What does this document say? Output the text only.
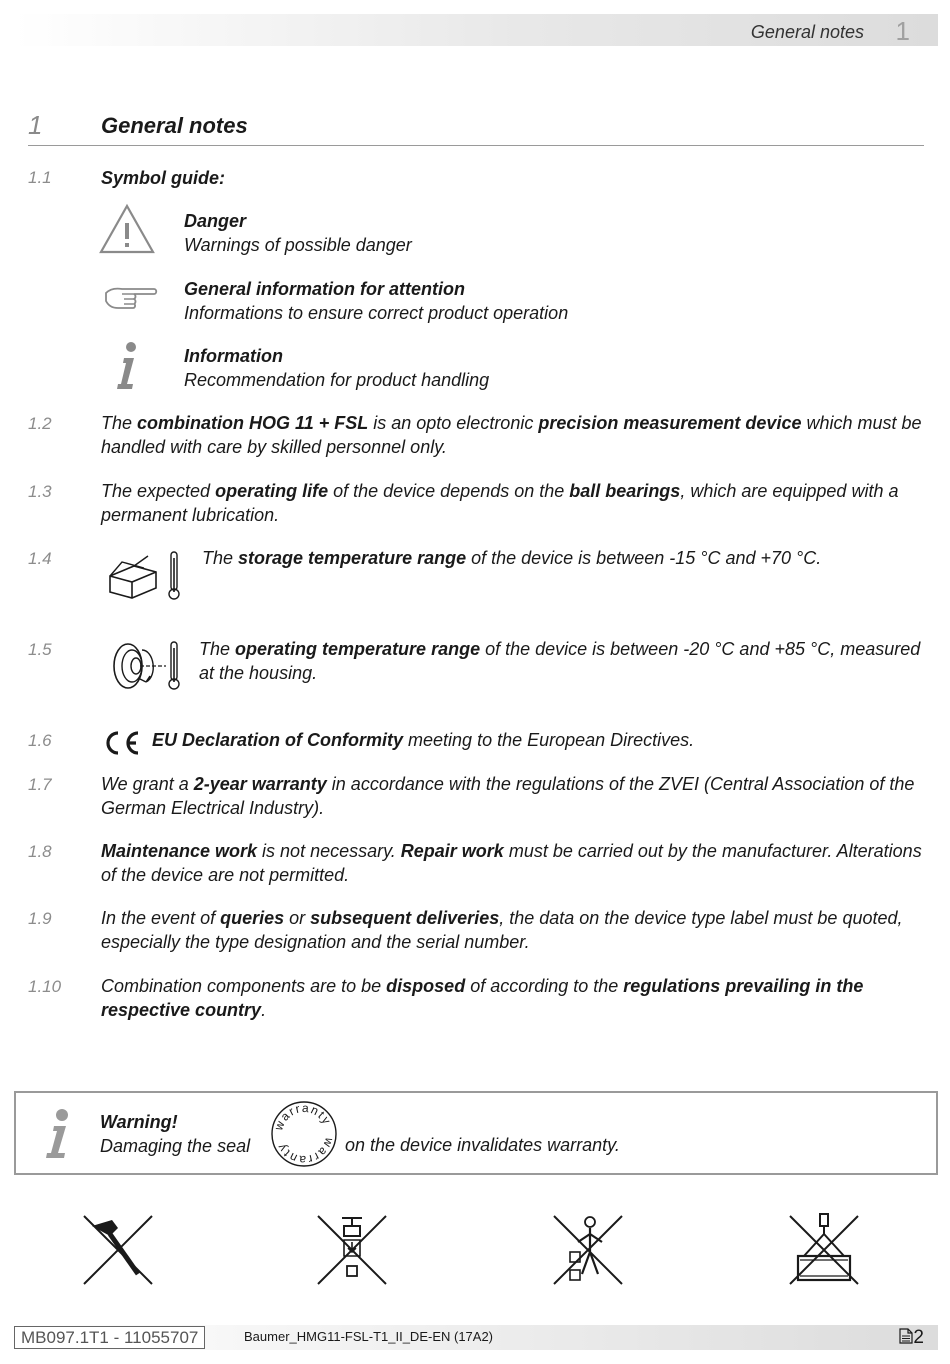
General notes 1
1	General notes
1.1	Symbol guide:
Danger
Warnings of possible danger
General information for attention
Informations to ensure correct product operation
Information
Recommendation for product handling
1.2	The combination HOG 11 + FSL is an opto electronic precision measurement device which must be handled with care by skilled personnel only.
1.3	The expected operating life of the device depends on the ball bearings, which are equipped with a permanent lubrication.
1.4	The storage temperature range of the device is between -15 °C and +70 °C.
1.5	The operating temperature range of the device is between -20 °C and +85 °C, measured at the housing.
1.6	EU Declaration of Conformity meeting to the European Directives.
1.7	We grant a 2-year warranty in accordance with the regulations of the ZVEI (Central Association of the German Electrical Industry).
1.8	Maintenance work is not necessary. Repair work must be carried out by the manufacturer. Alterations of the device are not permitted.
1.9	In the event of queries or subsequent deliveries, the data on the device type label must be quoted, especially the type designation and the serial number.
1.10 Combination components are to be disposed of according to the regulations prevailing in the respective country.
Warning!
Damaging the seal
warranty
warranty	on the device invalidates warranty.
MB097.1T1 - 11055707	Baumer_HMG11-FSL-T1_II_DE-EN (17A2)	2
